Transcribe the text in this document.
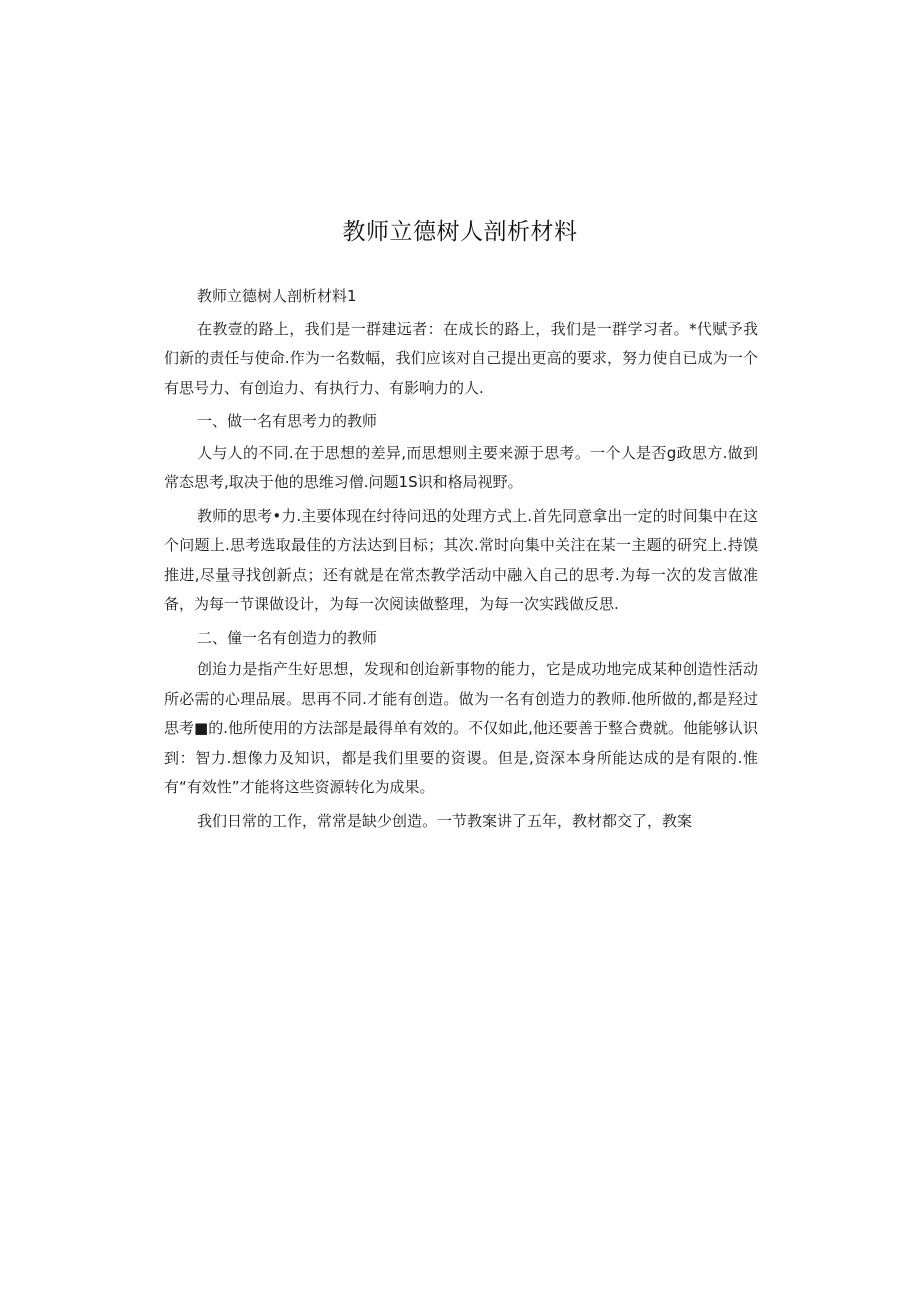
教师立德树人剖析材料

教师立德树人剖析材料1

在教壹的路上，我们是一群建远者：在成长的路上，我们是一群学习者。*代赋予我们新的责任与使命.作为一名数幅，我们应该对自己提出更高的要求，努力使自已成为一个有思号力、有创迨力、有执行力、有影响力的人.

一、做一名有思考力的教师

人与人的不同.在于思想的差异,而思想则主要来源于思考。一个人是否g政思方.做到常态思考,取决于他的思维习僧.问题1S识和格局视野。

教师的思考•力.主要体现在纣待问迅的处理方式上.首先同意拿出一定的时间集中在这个问题上.思考选取最佳的方法达到目标；其次.常时向集中关注在某一主题的研究上.持馍推进,尽量寻找创新点；还有就是在常杰教学活动中融入自己的思考.为每一次的发言做准备，为每一节课做设计，为每一次阅读做整理，为每一次实践做反思.

二、僮一名有创造力的教师

创迨力是指产生好思想，发现和创迨新事物的能力，它是成功地完成某种创造性活动所必需的心理品展。思再不同.才能有创造。做为一名有创造力的教师.他所做的,都是羟过思考■的.他所使用的方法部是最得单有效的。不仅如此,他还要善于整合费就。他能够认识到：智力.想像力及知识，都是我们里要的资谡。但是,资深本身所能达成的是有限的.惟有“有效性”才能将这些资源转化为成果。

我们日常的工作，常常是缺少创造。一节教案讲了五年，教材都交了，教案
